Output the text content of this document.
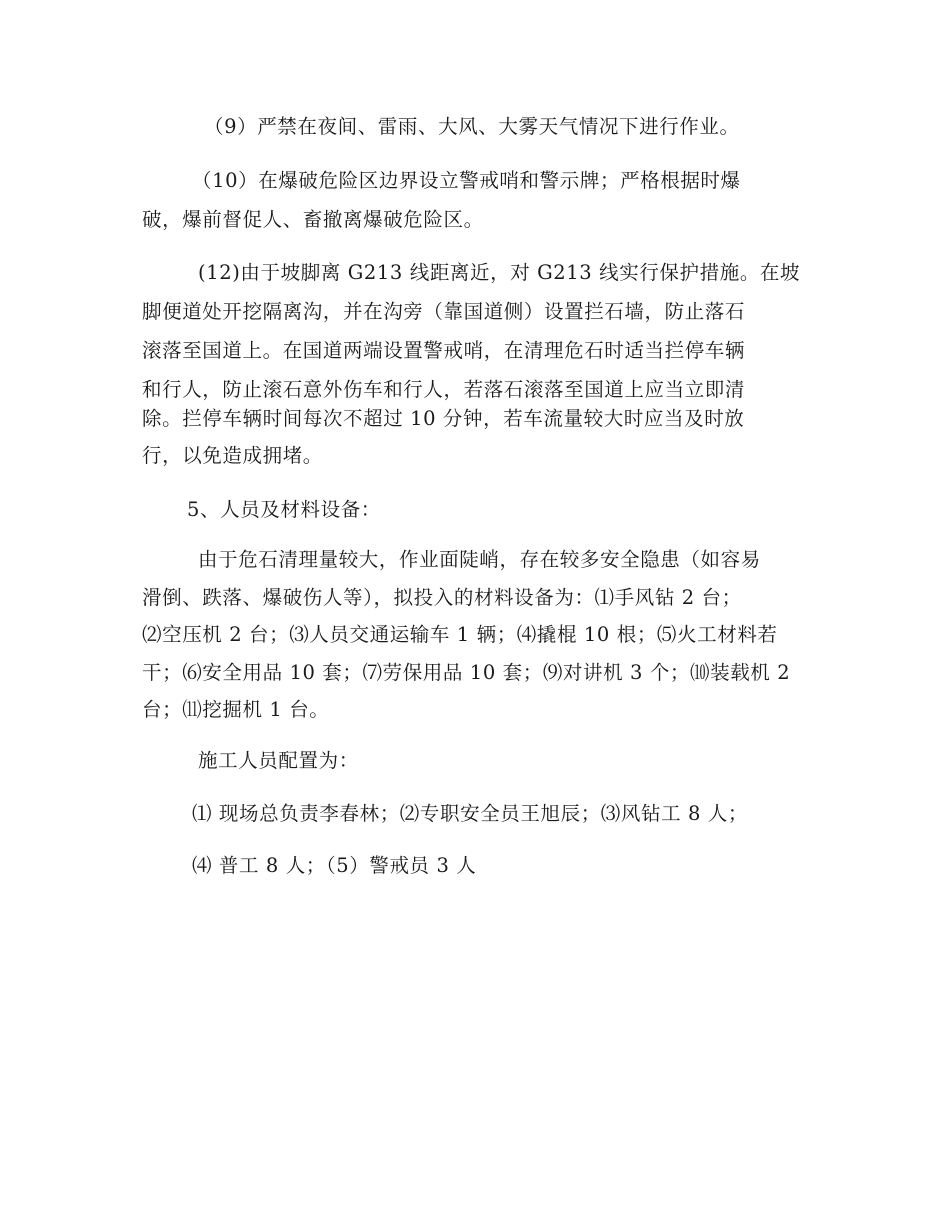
（9）严禁在夜间、雷雨、大风、大雾天气情况下进行作业。
（10）在爆破危险区边界设立警戒哨和警示牌；严格根据时爆
破，爆前督促人、畜撤离爆破危险区。
(12)由于坡脚离 G213 线距离近，对 G213 线实行保护措施。在坡
脚便道处开挖隔离沟，并在沟旁（靠国道侧）设置拦石墙，防止落石
滚落至国道上。在国道两端设置警戒哨，在清理危石时适当拦停车辆
和行人，防止滚石意外伤车和行人，若落石滚落至国道上应当立即清
除。拦停车辆时间每次不超过 10 分钟，若车流量较大时应当及时放
行，以免造成拥堵。
5、人员及材料设备：
由于危石清理量较大，作业面陡峭，存在较多安全隐患（如容易
滑倒、跌落、爆破伤人等），拟投入的材料设备为：⑴手风钻 2 台；
⑵空压机 2 台；⑶人员交通运输车 1 辆；⑷撬棍 10 根；⑸火工材料若
干；⑹安全用品 10 套；⑺劳保用品 10 套；⑼对讲机 3 个；⑽装载机 2
台；⑾挖掘机 1 台。
施工人员配置为：
⑴ 现场总负责李春林；⑵专职安全员王旭辰；⑶风钻工 8 人；
⑷ 普工 8 人；（5）警戒员 3 人
